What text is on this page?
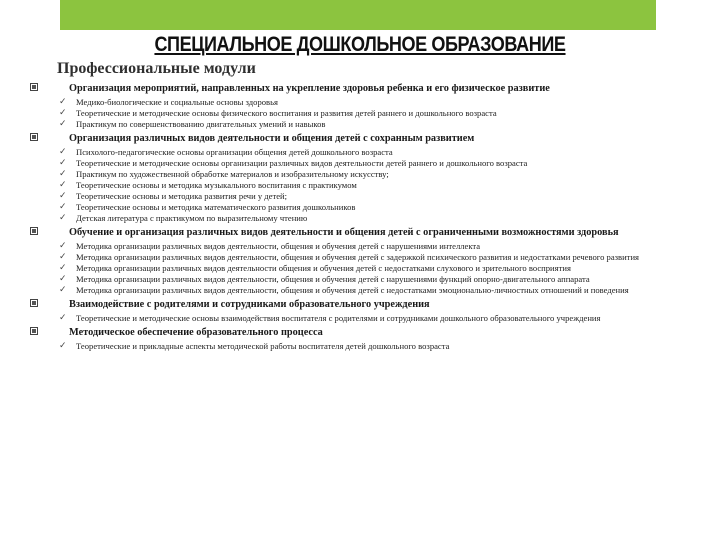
СПЕЦИАЛЬНОЕ ДОШКОЛЬНОЕ ОБРАЗОВАНИЕ
Профессиональные модули
Организация мероприятий, направленных на укрепление здоровья ребенка и его физическое развитие
✓ Медико-биологические и социальные основы здоровья
✓ Теоретические и методические основы физического воспитания и развития детей раннего и дошкольного возраста
✓ Практикум по совершенствованию двигательных умений и навыков
Организация различных видов деятельности и общения детей с сохранным развитием
✓ Психолого-педагогические основы организации общения детей дошкольного возраста
✓ Теоретические и методические основы организации различных видов деятельности детей раннего и дошкольного возраста
✓ Практикум по художественной обработке материалов и изобразительному искусству;
✓ Теоретические основы и методика музыкального воспитания с практикумом
✓ Теоретические основы и методика развития речи у детей;
✓ Теоретические основы и методика математического развития дошкольников
✓ Детская литература с практикумом по выразительному чтению
Обучение и организация различных видов деятельности и общения детей с ограниченными возможностями здоровья
✓ Методика организации различных видов деятельности, общения и обучения детей с нарушениями интеллекта
✓ Методика организации различных видов деятельности, общения и обучения детей с задержкой психического развития и недостатками речевого развития
✓ Методика организации различных видов деятельности общения и обучения детей с недостатками слухового и зрительного восприятия
✓ Методика организации различных видов деятельности, общения и обучения детей с нарушениями функций опорно-двигательного аппарата
✓ Методика организации различных видов деятельности, общения и обучения детей с недостатками эмоционально-личностных отношений и поведения
Взаимодействие с родителями и сотрудниками образовательного учреждения
✓ Теоретические и методические основы взаимодействия воспитателя с родителями и сотрудниками дошкольного образовательного учреждения
Методическое обеспечение образовательного процесса
✓ Теоретические и прикладные аспекты методической работы воспитателя детей дошкольного возраста
